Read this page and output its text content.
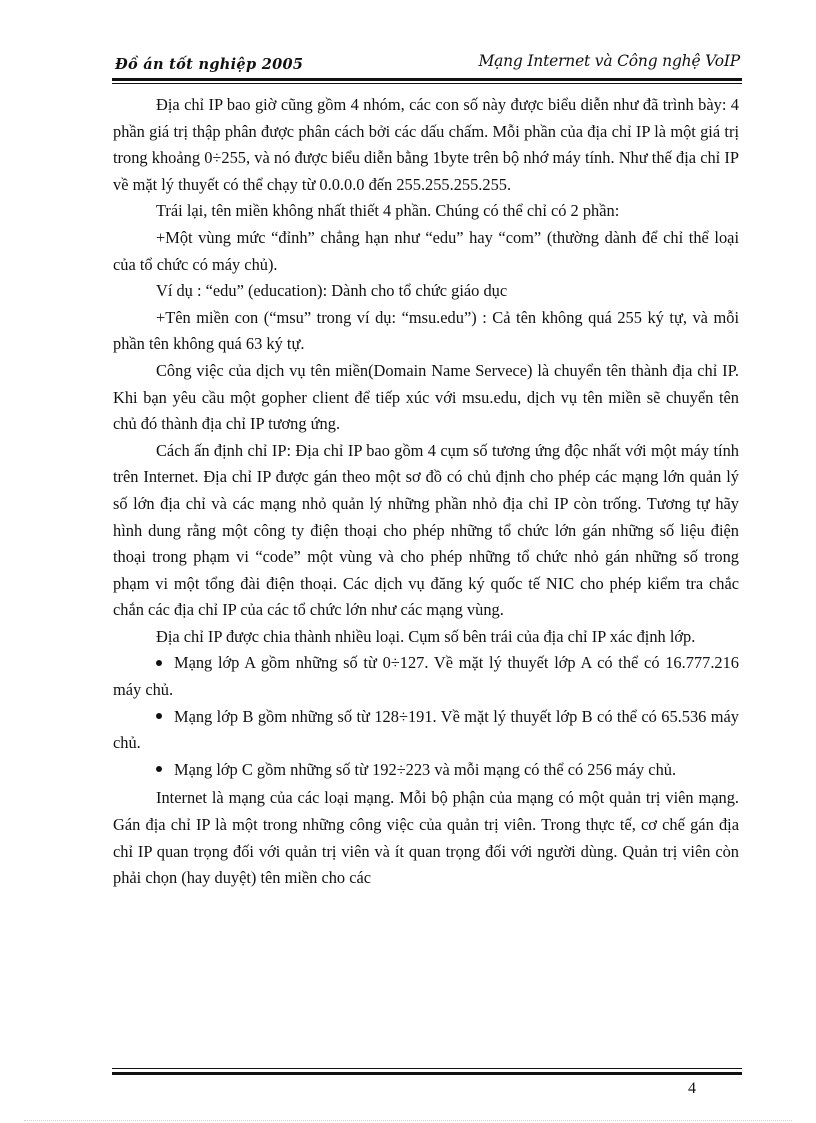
Đồ án tốt nghiệp 2005	Mạng Internet và Công nghệ VoIP

Địa chỉ IP bao giờ cũng gồm 4 nhóm, các con số này được biểu diễn như đã trình bày: 4 phần giá trị thập phân được phân cách bởi các dấu chấm. Mỗi phần của địa chỉ IP là một giá trị trong khoảng 0÷255, và nó được biểu diễn bằng 1byte trên bộ nhớ máy tính. Như thế địa chỉ IP về mặt lý thuyết có thể chạy từ 0.0.0.0 đến 255.255.255.255.

Trái lại, tên miền không nhất thiết 4 phần. Chúng có thể chỉ có 2 phần:

+Một vùng mức “đỉnh” chẳng hạn như “edu” hay “com” (thường dành để chỉ thể loại của tổ chức có máy chủ).

Ví dụ : “edu” (education): Dành cho tổ chức giáo dục

+Tên miền con (“msu” trong ví dụ: “msu.edu”) : Cả tên không quá 255 ký tự, và mỗi phần tên không quá 63 ký tự.

Công việc của dịch vụ tên miền(Domain Name Servece) là chuyển tên thành địa chỉ IP. Khi bạn yêu cầu một gopher client để tiếp xúc với msu.edu, dịch vụ tên miền sẽ chuyển tên chủ đó thành địa chỉ IP tương ứng.

Cách ấn định chỉ IP: Địa chỉ IP bao gồm 4 cụm số tương ứng độc nhất với một máy tính trên Internet. Địa chỉ IP được gán theo một sơ đồ có chủ định cho phép các mạng lớn quản lý số lớn địa chỉ và các mạng nhỏ quản lý những phần nhỏ địa chỉ IP còn trống. Tương tự hãy hình dung rằng một công ty điện thoại cho phép những tổ chức lớn gán những số liệu điện thoại trong phạm vi “code” một vùng và cho phép những tổ chức nhỏ gán những số trong phạm vi một tổng đài điện thoại. Các dịch vụ đăng ký quốc tế NIC cho phép kiểm tra chắc chắn các địa chỉ IP của các tổ chức lớn như các mạng vùng.

Địa chỉ IP được chia thành nhiều loại. Cụm số bên trái của địa chỉ IP xác định lớp.

Mạng lớp A gồm những số từ 0÷127. Về mặt lý thuyết lớp A có thể có 16.777.216 máy chủ.

Mạng lớp B gồm những số từ 128÷191. Về mặt lý thuyết lớp B có thể có 65.536 máy chủ.

Mạng lớp C gồm những số từ 192÷223 và mỗi mạng có thể có 256 máy chủ.

Internet là mạng của các loại mạng. Mỗi bộ phận của mạng có một quản trị viên mạng. Gán địa chỉ IP là một trong những công việc của quản trị viên. Trong thực tế, cơ chế gán địa chỉ IP quan trọng đối với quản trị viên và ít quan trọng đối với người dùng. Quản trị viên còn phải chọn (hay duyệt) tên miền cho các

4
